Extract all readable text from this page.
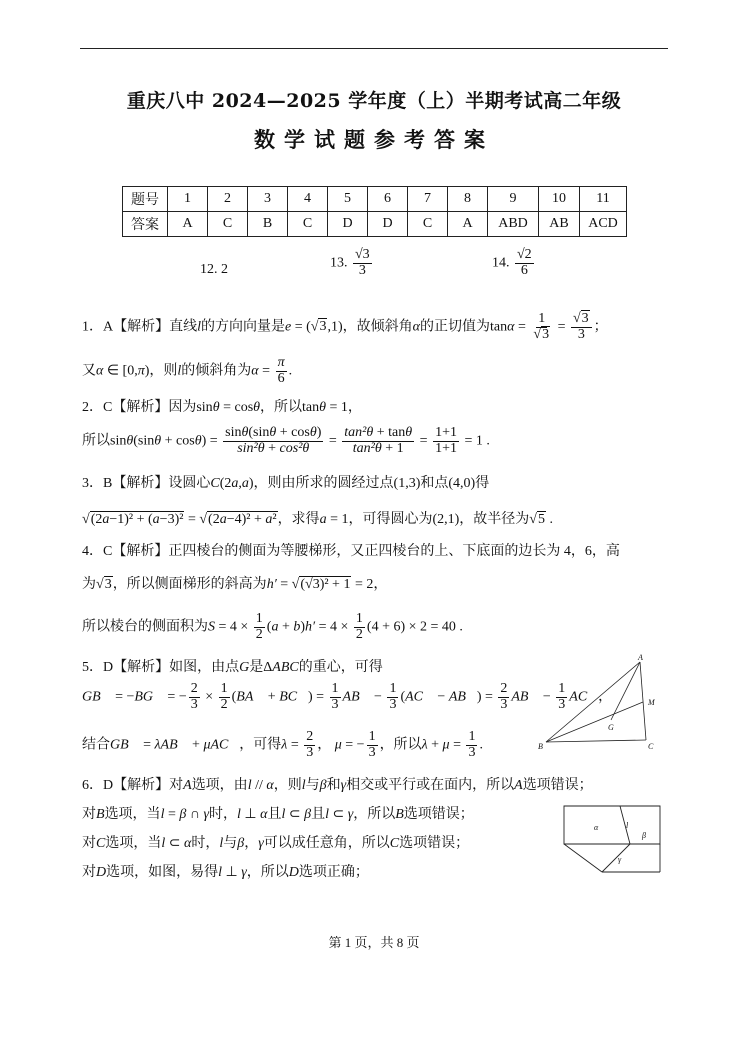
重庆八中 2024—2025 学年度（上）半期考试高二年级
数学试题参考答案
题号	1	2	3	4	5	6	7	8	9	10	11
答案	A	C	B	C	D	D	C	A	ABD	AB	ACD
12. 2	13. $\frac{√3}{3}$	14. $\frac{√2}{6}$
1．A【解析】直线l的方向向量是e = (√3,1)，故倾斜角α的正切值为$\tan\alpha = \frac{1}{√3} = \frac{√3}{3}$ ；
又α ∈ [0,π)，则l的倾斜角为$\alpha = \frac{\pi}{6}$ .
2．C【解析】因为sinθ = cosθ，所以tanθ = 1，
所以$\sin\theta(\sin\theta + \cos\theta) = \frac{\sin\theta(\sin\theta + \cos\theta)}{\text{sin²θ + cos²θ}} = \frac{\text{tan²θ + tanθ}}{\text{tan²θ + 1}} = \frac{1+1}{1+1} = 1$ .
3．B【解析】设圆心C(2a,a)，则由所求的圆经过点(1,3)和点(4,0)得
√(2a−1)² + (a−3)² = √(2a−4)² + a²，求得a = 1，可得圆心为(2,1)，故半径为√5 .
4．C【解析】正四棱台的侧面为等腰梯形，又正四棱台的上、下底面的边长为 4，6，高
为√3，所以侧面梯形的斜高为h′ = √(√3)² + 1 = 2，
所以棱台的侧面积为$S = 4 \times \frac{1}{2} (a + b)h' = 4 \times \frac{1}{2} (4 + 6) \times 2 = 40$ .
5．D【解析】如图，由点G是ΔABC的重心，可得
GB⃗ = −BG⃗ = − $\frac{2}{3} \times \frac{1}{2}$ (BA⃗ + BC⃗) = $\frac{1}{3}$ AB⃗ − $\frac{1}{3}$ (AC⃗ − AB⃗) = $\frac{2}{3}$ AB⃗ − $\frac{1}{3}$ AC⃗，
结合GB⃗ = λAB⃗ + μAC⃗，可得$\lambda = \frac{2}{3}$ ， μ = − $\frac{1}{3}$ ，所以$\lambda + \mu = \frac{1}{3}$ .
6．D【解析】对A选项，由l // α，则l与β和γ相交或平行或在面内，所以A选项错误；
对B选项，当l = β ∩ γ时，l ⊥ α且l ⊂ β且l ⊂ γ，所以B选项错误；
对C选项，当l ⊂ α时，l与β，γ可以成任意角，所以C选项错误；
对D选项，如图，易得l ⊥ γ，所以D选项正确；
A
M
G
B	C
α	l
β
γ
第 1 页，共 8 页
